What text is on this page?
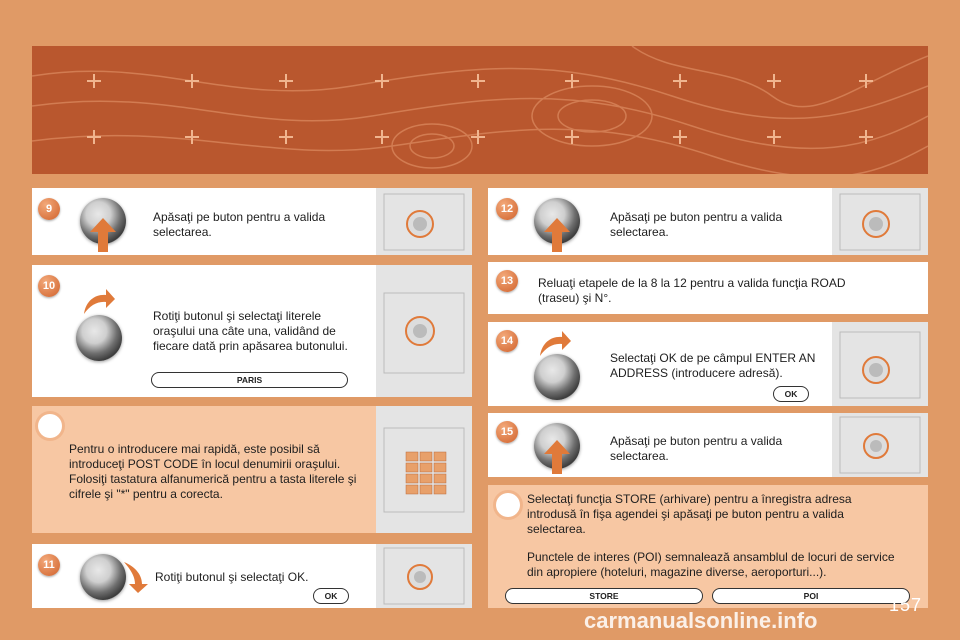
9
Apăsaţi pe buton pentru a valida selectarea.
10
Rotiţi butonul şi selectaţi literele oraşului una câte una, validând de fiecare dată prin apăsarea butonului.
PARIS
Pentru o introducere mai rapidă, este posibil să introduceţi POST CODE în locul denumirii oraşului. Folosiţi tastatura alfanumerică pentru a tasta literele şi cifrele şi "*" pentru a corecta.
11
Rotiţi butonul şi selectaţi OK.
OK
12
Apăsaţi pe buton pentru a valida selectarea.
13	Reluaţi etapele de la 8 la 12 pentru a valida funcţia ROAD (traseu) şi N°.
14
Selectaţi OK de pe câmpul ENTER AN ADDRESS (introducere adresă).
OK
15
Apăsaţi pe buton pentru a valida selectarea.
Selectaţi funcţia STORE (arhivare) pentru a înregistra adresa introdusă în fişa agendei şi apăsaţi pe buton pentru a valida selectarea.
Punctele de interes (POI) semnalează ansamblul de locuri de service din apropiere (hoteluri, magazine diverse, aeroporturi...).
STORE	POI	157
carmanualsonline.info
